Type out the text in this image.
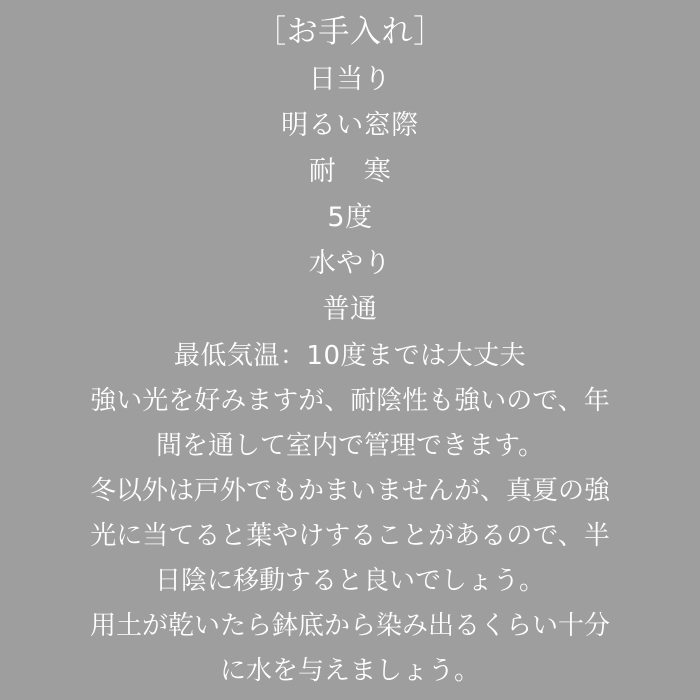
［お手入れ］
日当り
明るい窓際
耐　寒
5度
水やり
普通
最低気温：10度までは大丈夫
強い光を好みますが、耐陰性も強いので、年
間を通して室内で管理できます。
冬以外は戸外でもかまいませんが、真夏の強
光に当てると葉やけすることがあるので、半
日陰に移動すると良いでしょう。
用土が乾いたら鉢底から染み出るくらい十分
に水を与えましょう。
